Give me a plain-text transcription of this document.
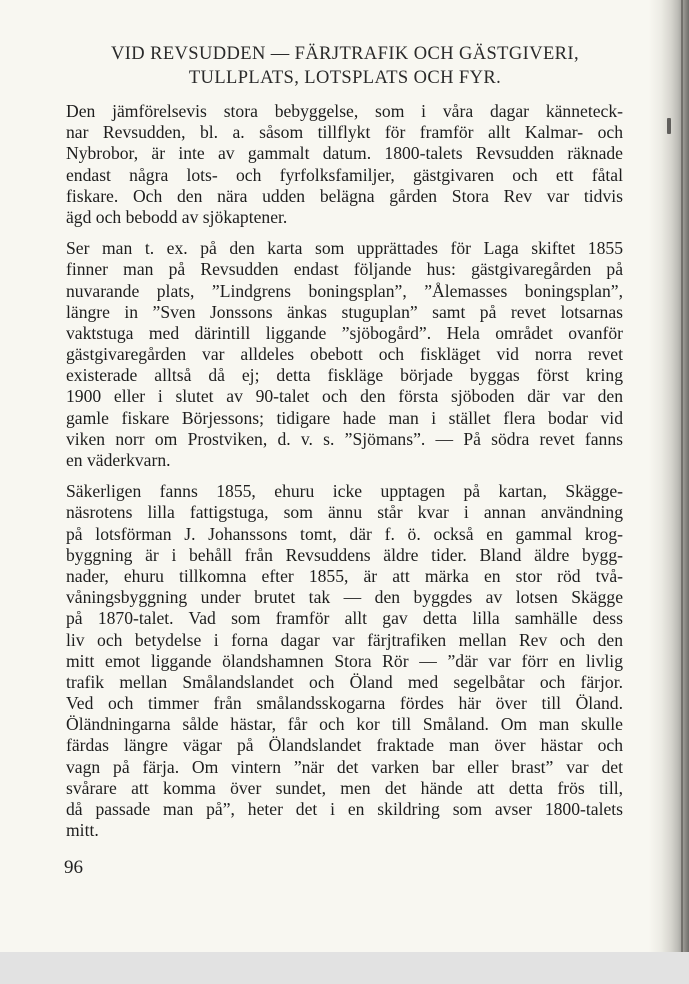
VID REVSUDDEN — FÄRJTRAFIK OCH GÄSTGIVERI,
TULLPLATS, LOTSPLATS OCH FYR.
Den jämförelsevis stora bebyggelse, som i våra dagar känneteck-
nar Revsudden, bl. a. såsom tillflykt för framför allt Kalmar- och
Nybrobor, är inte av gammalt datum. 1800-talets Revsudden räknade
endast några lots- och fyrfolksfamiljer, gästgivaren och ett fåtal
fiskare. Och den nära udden belägna gården Stora Rev var tidvis
ägd och bebodd av sjökaptener.
Ser man t. ex. på den karta som upprättades för Laga skiftet 1855
finner man på Revsudden endast följande hus: gästgivaregården på
nuvarande plats, ”Lindgrens boningsplan”, ”Ålemasses boningsplan”,
längre in ”Sven Jonssons änkas stuguplan” samt på revet lotsarnas
vaktstuga med därintill liggande ”sjöbogård”. Hela området ovanför
gästgivaregården var alldeles obebott och fiskläget vid norra revet
existerade alltså då ej; detta fiskläge började byggas först kring
1900 eller i slutet av 90-talet och den första sjöboden där var den
gamle fiskare Börjessons; tidigare hade man i stället flera bodar vid
viken norr om Prostviken, d. v. s. ”Sjömans”. — På södra revet fanns
en väderkvarn.
Säkerligen fanns 1855, ehuru icke upptagen på kartan, Skägge-
näsrotens lilla fattigstuga, som ännu står kvar i annan användning
på lotsförman J. Johanssons tomt, där f. ö. också en gammal krog-
byggning är i behåll från Revsuddens äldre tider. Bland äldre bygg-
nader, ehuru tillkomna efter 1855, är att märka en stor röd två-
våningsbyggning under brutet tak — den byggdes av lotsen Skägge
på 1870-talet. Vad som framför allt gav detta lilla samhälle dess
liv och betydelse i forna dagar var färjtrafiken mellan Rev och den
mitt emot liggande ölandshamnen Stora Rör — ”där var förr en livlig
trafik mellan Smålandslandet och Öland med segelbåtar och färjor.
Ved och timmer från smålandsskogarna fördes här över till Öland.
Öländningarna sålde hästar, får och kor till Småland. Om man skulle
färdas längre vägar på Ölandslandet fraktade man över hästar och
vagn på färja. Om vintern ”när det varken bar eller brast” var det
svårare att komma över sundet, men det hände att detta frös till,
då passade man på”, heter det i en skildring som avser 1800-talets
mitt.
96
